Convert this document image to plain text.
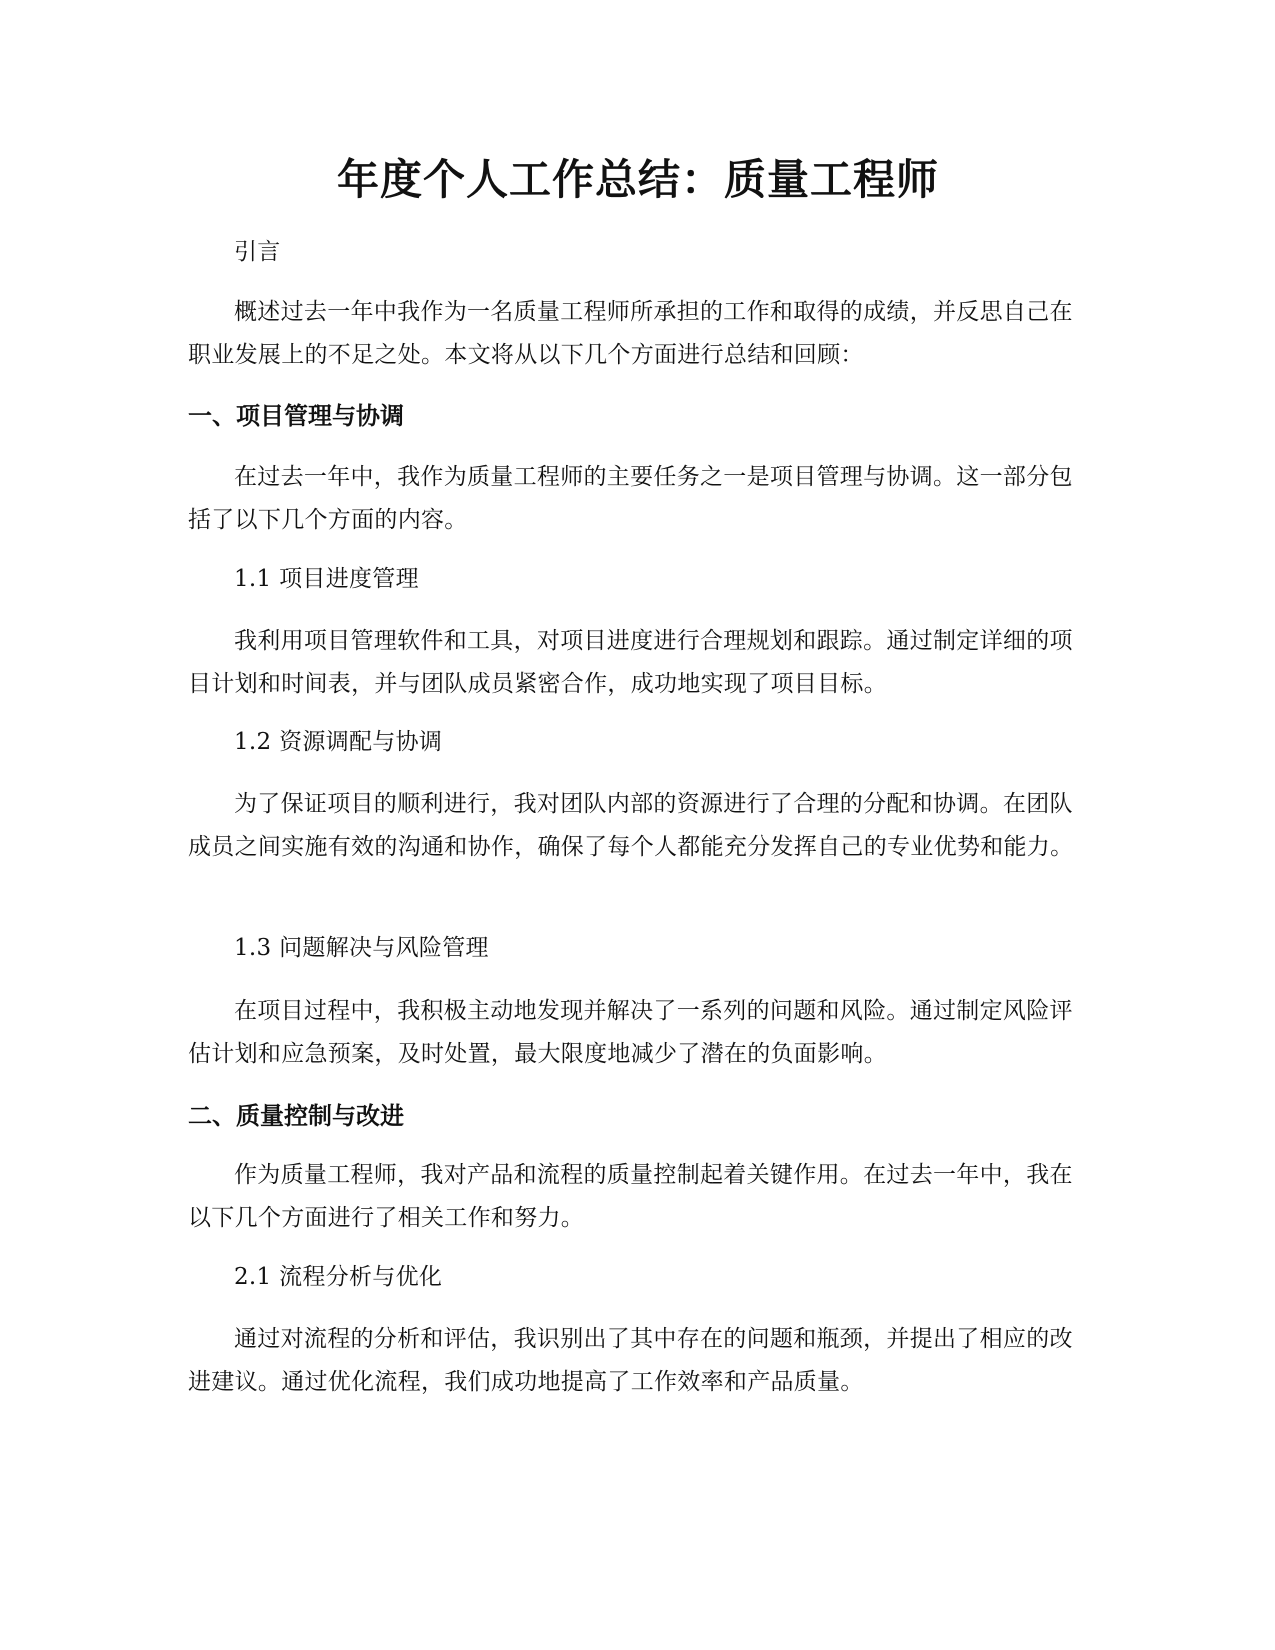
年度个人工作总结：质量工程师

引言

概述过去一年中我作为一名质量工程师所承担的工作和取得的成绩，并反思自己在职业发展上的不足之处。本文将从以下几个方面进行总结和回顾：

一、项目管理与协调

在过去一年中，我作为质量工程师的主要任务之一是项目管理与协调。这一部分包括了以下几个方面的内容。

1.1 项目进度管理

我利用项目管理软件和工具，对项目进度进行合理规划和跟踪。通过制定详细的项目计划和时间表，并与团队成员紧密合作，成功地实现了项目目标。

1.2 资源调配与协调

为了保证项目的顺利进行，我对团队内部的资源进行了合理的分配和协调。在团队成员之间实施有效的沟通和协作，确保了每个人都能充分发挥自己的专业优势和能力。

1.3 问题解决与风险管理

在项目过程中，我积极主动地发现并解决了一系列的问题和风险。通过制定风险评估计划和应急预案，及时处置，最大限度地减少了潜在的负面影响。

二、质量控制与改进

作为质量工程师，我对产品和流程的质量控制起着关键作用。在过去一年中，我在以下几个方面进行了相关工作和努力。

2.1 流程分析与优化

通过对流程的分析和评估，我识别出了其中存在的问题和瓶颈，并提出了相应的改进建议。通过优化流程，我们成功地提高了工作效率和产品质量。
